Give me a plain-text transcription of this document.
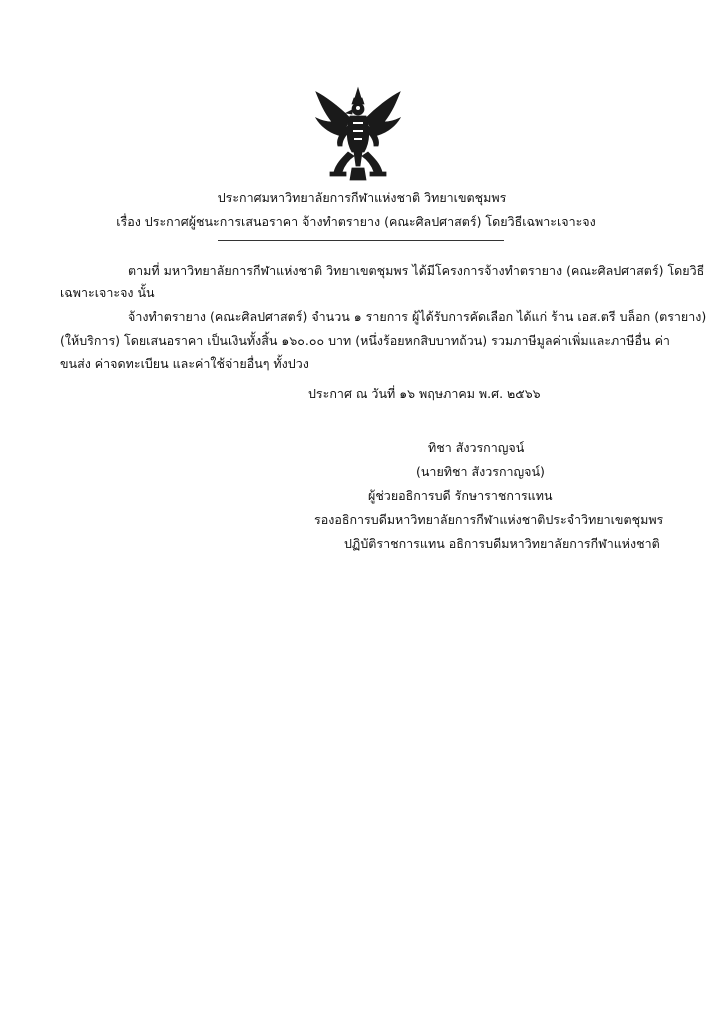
ประกาศมหาวิทยาลัยการกีฬาแห่งชาติ วิทยาเขตชุมพร
เรื่อง ประกาศผู้ชนะการเสนอราคา จ้างทำตรายาง (คณะศิลปศาสตร์) โดยวิธีเฉพาะเจาะจง
ตามที่ มหาวิทยาลัยการกีฬาแห่งชาติ วิทยาเขตชุมพร ได้มีโครงการจ้างทำตรายาง (คณะศิลปศาสตร์) โดยวิธี
เฉพาะเจาะจง นั้น
จ้างทำตรายาง (คณะศิลปศาสตร์) จำนวน ๑ รายการ ผู้ได้รับการคัดเลือก ได้แก่ ร้าน เอส.ตรี บล็อก (ตรายาง)
(ให้บริการ) โดยเสนอราคา เป็นเงินทั้งสิ้น ๑๖๐.๐๐ บาท (หนึ่งร้อยหกสิบบาทถ้วน) รวมภาษีมูลค่าเพิ่มและภาษีอื่น ค่า
ขนส่ง ค่าจดทะเบียน และค่าใช้จ่ายอื่นๆ ทั้งปวง
ประกาศ ณ วันที่ ๑๖ พฤษภาคม พ.ศ. ๒๕๖๖
ทิชา สังวรกาญจน์
(นายทิชา สังวรกาญจน์)
ผู้ช่วยอธิการบดี รักษาราชการแทน
รองอธิการบดีมหาวิทยาลัยการกีฬาแห่งชาติประจำวิทยาเขตชุมพร
ปฏิบัติราชการแทน อธิการบดีมหาวิทยาลัยการกีฬาแห่งชาติ
